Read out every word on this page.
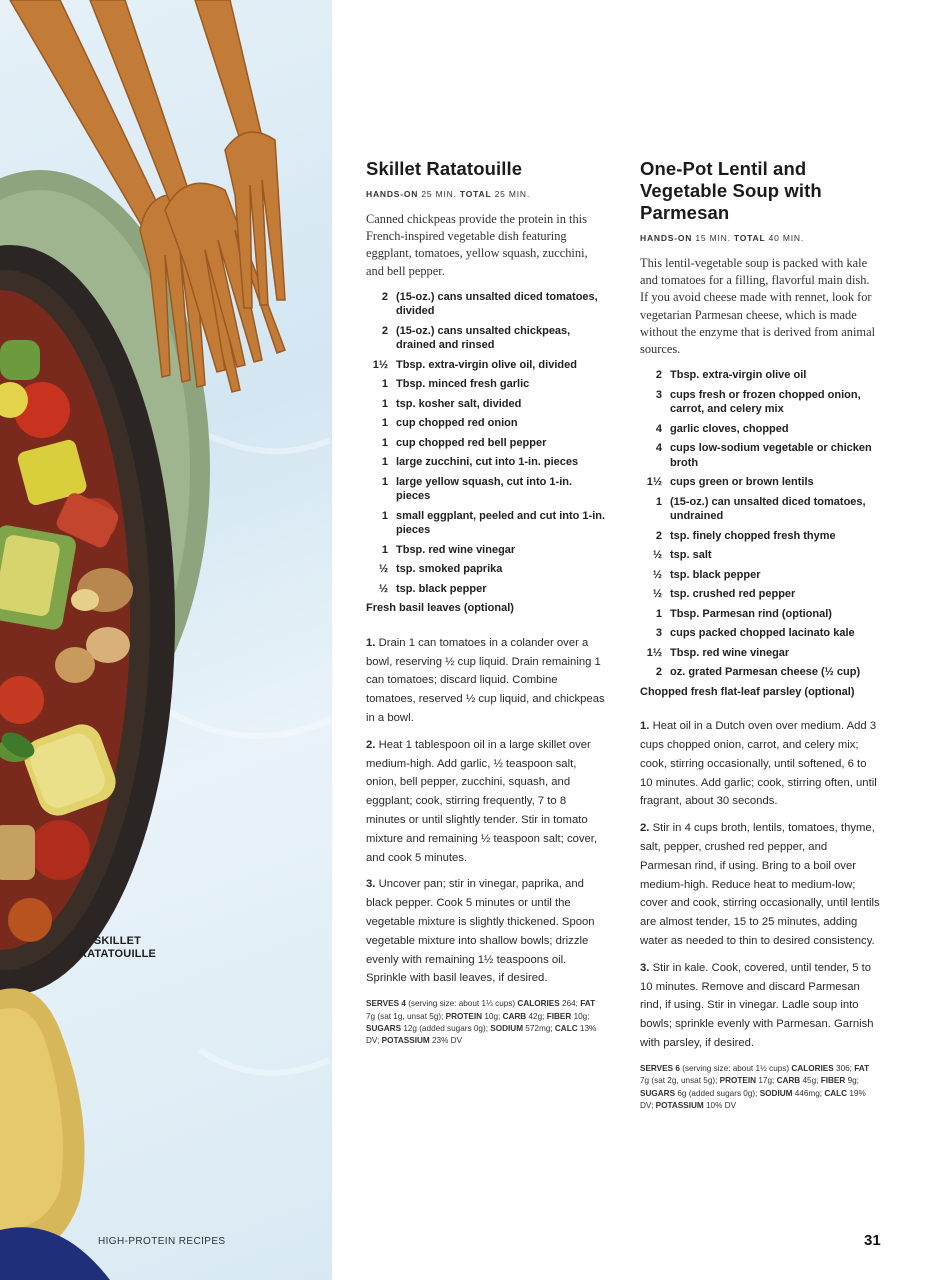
SKILLET
RATATOUILLE
HIGH-PROTEIN RECIPES
Skillet Ratatouille

HANDS-ON 25 MIN. TOTAL 25 MIN.

Canned chickpeas provide the protein in this French-inspired vegetable dish featuring eggplant, tomatoes, yellow squash, zucchini, and bell pepper.

2 (15-oz.) cans unsalted diced tomatoes, divided
2 (15-oz.) cans unsalted chickpeas, drained and rinsed
1½ Tbsp. extra-virgin olive oil, divided
1 Tbsp. minced fresh garlic
1 tsp. kosher salt, divided
1 cup chopped red onion
1 cup chopped red bell pepper
1 large zucchini, cut into 1-in. pieces
1 large yellow squash, cut into 1-in. pieces
1 small eggplant, peeled and cut into 1-in. pieces
1 Tbsp. red wine vinegar
½ tsp. smoked paprika
½ tsp. black pepper

Fresh basil leaves (optional)

1. Drain 1 can tomatoes in a colander over a bowl, reserving ½ cup liquid. Drain remaining 1 can tomatoes; discard liquid. Combine tomatoes, reserved ½ cup liquid, and chickpeas in a bowl.

2. Heat 1 tablespoon oil in a large skillet over medium-high. Add garlic, ½ teaspoon salt, onion, bell pepper, zucchini, squash, and eggplant; cook, stirring frequently, 7 to 8 minutes or until slightly tender. Stir in tomato mixture and remaining ½ teaspoon salt; cover, and cook 5 minutes.

3. Uncover pan; stir in vinegar, paprika, and black pepper. Cook 5 minutes or until the vegetable mixture is slightly thickened. Spoon vegetable mixture into shallow bowls; drizzle evenly with remaining 1½ teaspoons oil. Sprinkle with basil leaves, if desired.

SERVES 4 (serving size: about 1⅓ cups) CALORIES 264; FAT 7g (sat 1g, unsat 5g); PROTEIN 10g; CARB 42g; FIBER 10g; SUGARS 12g (added sugars 0g); SODIUM 572mg; CALC 13% DV; POTASSIUM 23% DV

One-Pot Lentil and Vegetable Soup with Parmesan

HANDS-ON 15 MIN. TOTAL 40 MIN.

This lentil-vegetable soup is packed with kale and tomatoes for a filling, flavorful main dish. If you avoid cheese made with rennet, look for vegetarian Parmesan cheese, which is made without the enzyme that is derived from animal sources.

2 Tbsp. extra-virgin olive oil
3 cups fresh or frozen chopped onion, carrot, and celery mix
4 garlic cloves, chopped
4 cups low-sodium vegetable or chicken broth
1½ cups green or brown lentils
1 (15-oz.) can unsalted diced tomatoes, undrained
2 tsp. finely chopped fresh thyme
½ tsp. salt
½ tsp. black pepper
½ tsp. crushed red pepper
1 Tbsp. Parmesan rind (optional)
3 cups packed chopped lacinato kale
1½ Tbsp. red wine vinegar
2 oz. grated Parmesan cheese (½ cup)

Chopped fresh flat-leaf parsley (optional)

1. Heat oil in a Dutch oven over medium. Add 3 cups chopped onion, carrot, and celery mix; cook, stirring occasionally, until softened, 6 to 10 minutes. Add garlic; cook, stirring often, until fragrant, about 30 seconds.

2. Stir in 4 cups broth, lentils, tomatoes, thyme, salt, pepper, crushed red pepper, and Parmesan rind, if using. Bring to a boil over medium-high. Reduce heat to medium-low; cover and cook, stirring occasionally, until lentils are almost tender, 15 to 25 minutes, adding water as needed to thin to desired consistency.

3. Stir in kale. Cook, covered, until tender, 5 to 10 minutes. Remove and discard Parmesan rind, if using. Stir in vinegar. Ladle soup into bowls; sprinkle evenly with Parmesan. Garnish with parsley, if desired.

SERVES 6 (serving size: about 1½ cups) CALORIES 306; FAT 7g (sat 2g, unsat 5g); PROTEIN 17g; CARB 45g; FIBER 9g; SUGARS 6g (added sugars 0g); SODIUM 446mg; CALC 19% DV; POTASSIUM 10% DV

31
